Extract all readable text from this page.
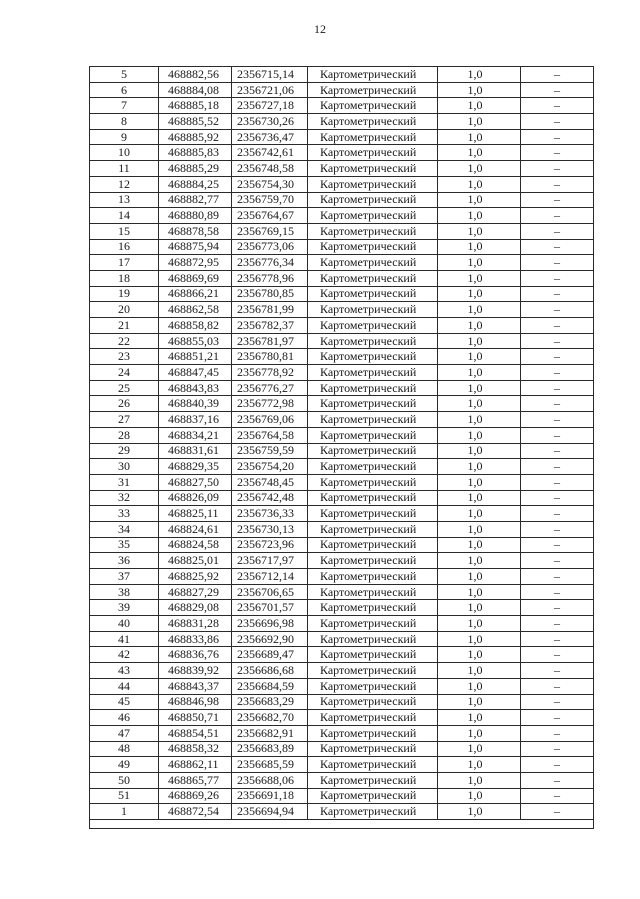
12
5	468882,56	2356715,14	Картометрический	1,0	–
6	468884,08	2356721,06	Картометрический	1,0	–
7	468885,18	2356727,18	Картометрический	1,0	–
8	468885,52	2356730,26	Картометрический	1,0	–
9	468885,92	2356736,47	Картометрический	1,0	–
10	468885,83	2356742,61	Картометрический	1,0	–
11	468885,29	2356748,58	Картометрический	1,0	–
12	468884,25	2356754,30	Картометрический	1,0	–
13	468882,77	2356759,70	Картометрический	1,0	–
14	468880,89	2356764,67	Картометрический	1,0	–
15	468878,58	2356769,15	Картометрический	1,0	–
16	468875,94	2356773,06	Картометрический	1,0	–
17	468872,95	2356776,34	Картометрический	1,0	–
18	468869,69	2356778,96	Картометрический	1,0	–
19	468866,21	2356780,85	Картометрический	1,0	–
20	468862,58	2356781,99	Картометрический	1,0	–
21	468858,82	2356782,37	Картометрический	1,0	–
22	468855,03	2356781,97	Картометрический	1,0	–
23	468851,21	2356780,81	Картометрический	1,0	–
24	468847,45	2356778,92	Картометрический	1,0	–
25	468843,83	2356776,27	Картометрический	1,0	–
26	468840,39	2356772,98	Картометрический	1,0	–
27	468837,16	2356769,06	Картометрический	1,0	–
28	468834,21	2356764,58	Картометрический	1,0	–
29	468831,61	2356759,59	Картометрический	1,0	–
30	468829,35	2356754,20	Картометрический	1,0	–
31	468827,50	2356748,45	Картометрический	1,0	–
32	468826,09	2356742,48	Картометрический	1,0	–
33	468825,11	2356736,33	Картометрический	1,0	–
34	468824,61	2356730,13	Картометрический	1,0	–
35	468824,58	2356723,96	Картометрический	1,0	–
36	468825,01	2356717,97	Картометрический	1,0	–
37	468825,92	2356712,14	Картометрический	1,0	–
38	468827,29	2356706,65	Картометрический	1,0	–
39	468829,08	2356701,57	Картометрический	1,0	–
40	468831,28	2356696,98	Картометрический	1,0	–
41	468833,86	2356692,90	Картометрический	1,0	–
42	468836,76	2356689,47	Картометрический	1,0	–
43	468839,92	2356686,68	Картометрический	1,0	–
44	468843,37	2356684,59	Картометрический	1,0	–
45	468846,98	2356683,29	Картометрический	1,0	–
46	468850,71	2356682,70	Картометрический	1,0	–
47	468854,51	2356682,91	Картометрический	1,0	–
48	468858,32	2356683,89	Картометрический	1,0	–
49	468862,11	2356685,59	Картометрический	1,0	–
50	468865,77	2356688,06	Картометрический	1,0	–
51	468869,26	2356691,18	Картометрический	1,0	–
1	468872,54	2356694,94	Картометрический	1,0	–
